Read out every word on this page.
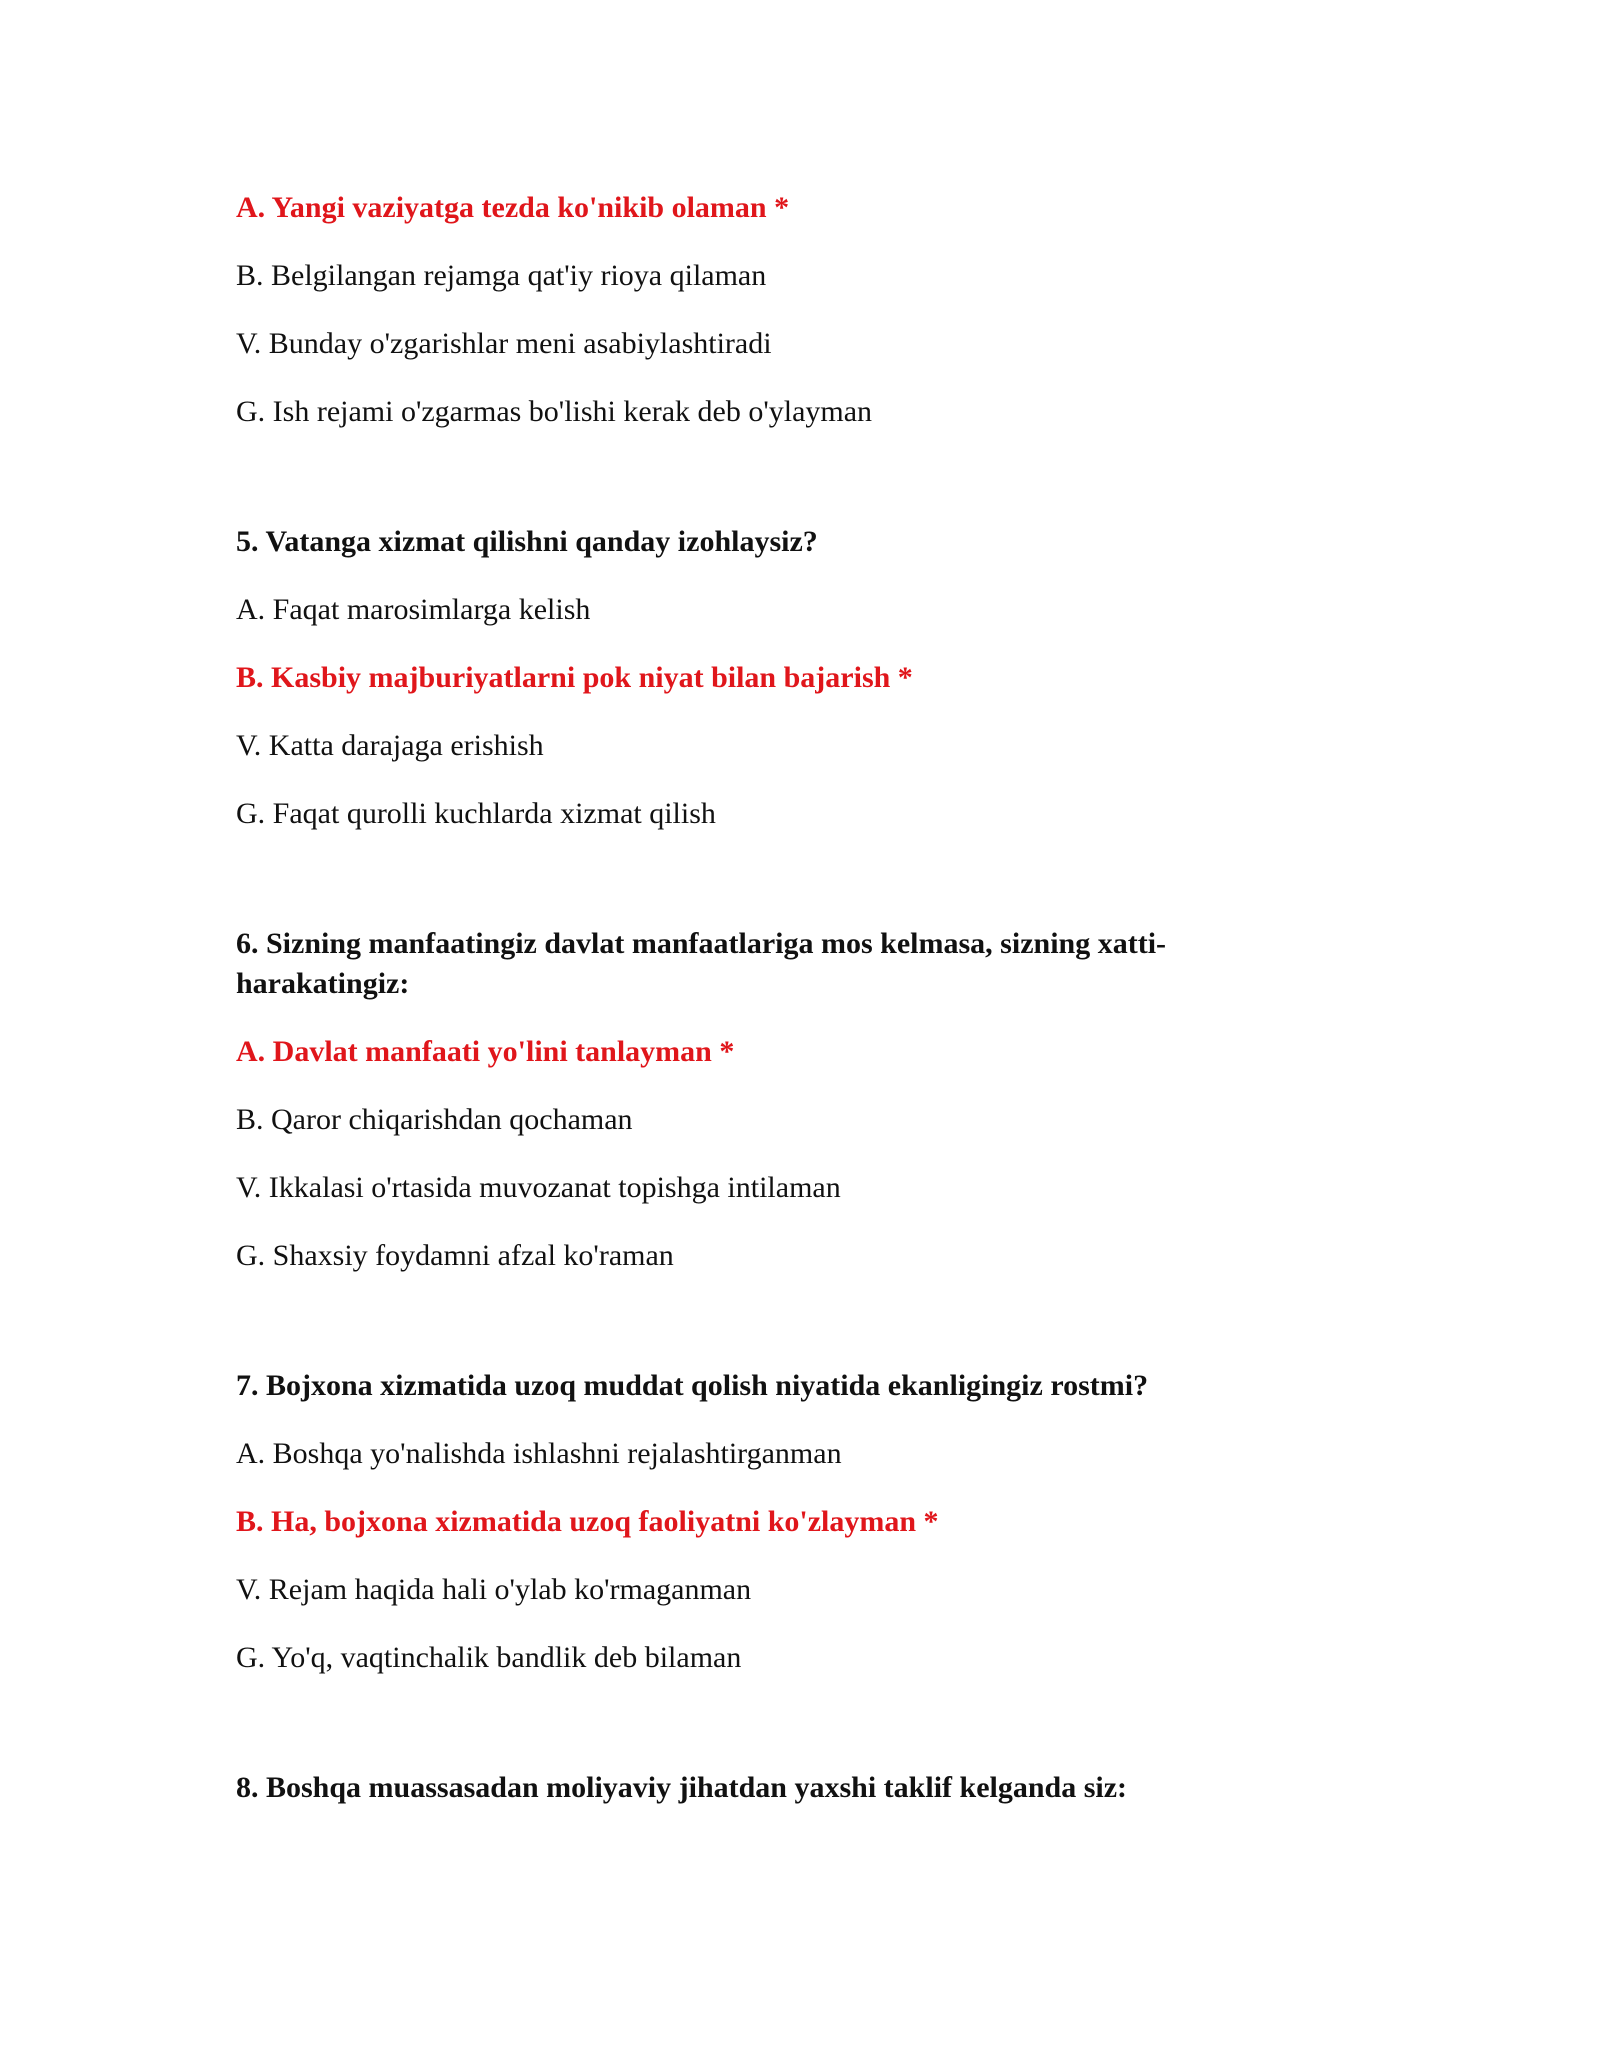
A. Yangi vaziyatga tezda ko'nikib olaman *

B. Belgilangan rejamga qat'iy rioya qilaman

V. Bunday o'zgarishlar meni asabiylashtiradi

G. Ish rejami o'zgarmas bo'lishi kerak deb o'ylayman

5. Vatanga xizmat qilishni qanday izohlaysiz?

A. Faqat marosimlarga kelish

B. Kasbiy majburiyatlarni pok niyat bilan bajarish *

V. Katta darajaga erishish

G. Faqat qurolli kuchlarda xizmat qilish

6. Sizning manfaatingiz davlat manfaatlariga mos kelmasa, sizning xatti-harakatingiz:

A. Davlat manfaati yo'lini tanlayman *

B. Qaror chiqarishdan qochaman

V. Ikkalasi o'rtasida muvozanat topishga intilaman

G. Shaxsiy foydamni afzal ko'raman

7. Bojxona xizmatida uzoq muddat qolish niyatida ekanligingiz rostmi?

A. Boshqa yo'nalishda ishlashni rejalashtirganman

B. Ha, bojxona xizmatida uzoq faoliyatni ko'zlayman *

V. Rejam haqida hali o'ylab ko'rmaganman

G. Yo'q, vaqtinchalik bandlik deb bilaman

8. Boshqa muassasadan moliyaviy jihatdan yaxshi taklif kelganda siz:
